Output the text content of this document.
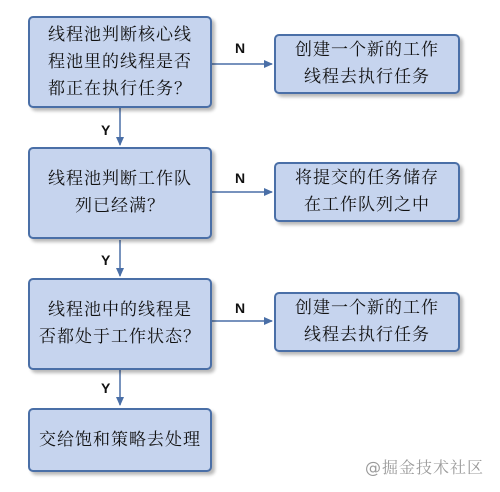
线程池判断核心线
程池里的线程是否
都正在执行任务？
线程池判断工作队
列已经满？
线程池中的线程是
否都处于工作状态？
交给饱和策略去处理
创建一个新的工作
线程去执行任务
将提交的任务储存
在工作队列之中
创建一个新的工作
线程去执行任务
N
N
N
Y
Y
Y
@掘金技术社区
